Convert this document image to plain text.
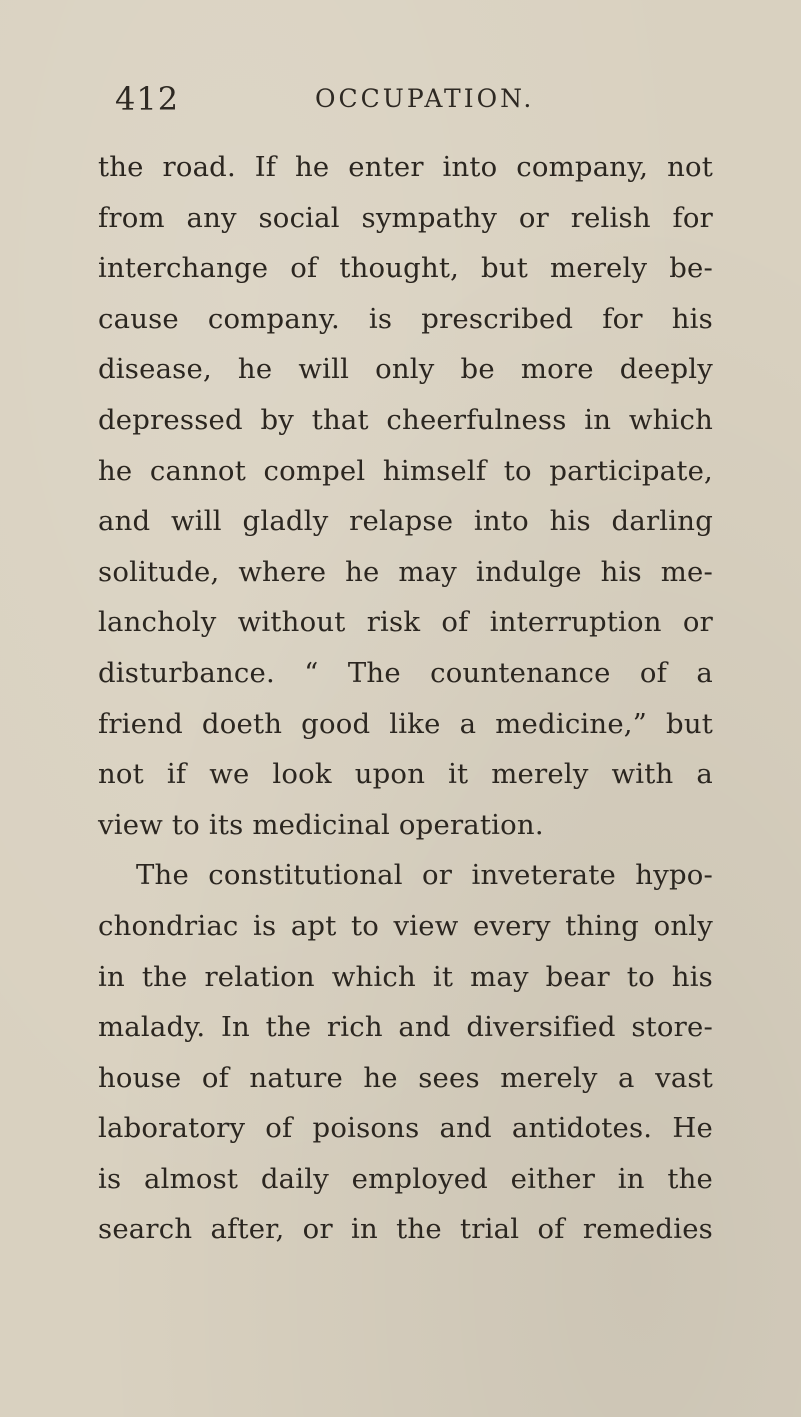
412	OCCUPATION.
the road. If he enter into company, not
from any social sympathy or relish for
interchange of thought, but merely be-
cause company. is prescribed for his
disease, he will only be more deeply
depressed by that cheerfulness in which
he cannot compel himself to participate,
and will gladly relapse into his darling
solitude, where he may indulge his me-
lancholy without risk of interruption or
disturbance. “ The countenance of a
friend doeth good like a medicine,” but
not if we look upon it merely with a
view to its medicinal operation.
The constitutional or inveterate hypo-
chondriac is apt to view every thing only
in the relation which it may bear to his
malady. In the rich and diversified store-
house of nature he sees merely a vast
laboratory of poisons and antidotes. He
is almost daily employed either in the
search after, or in the trial of remedies
